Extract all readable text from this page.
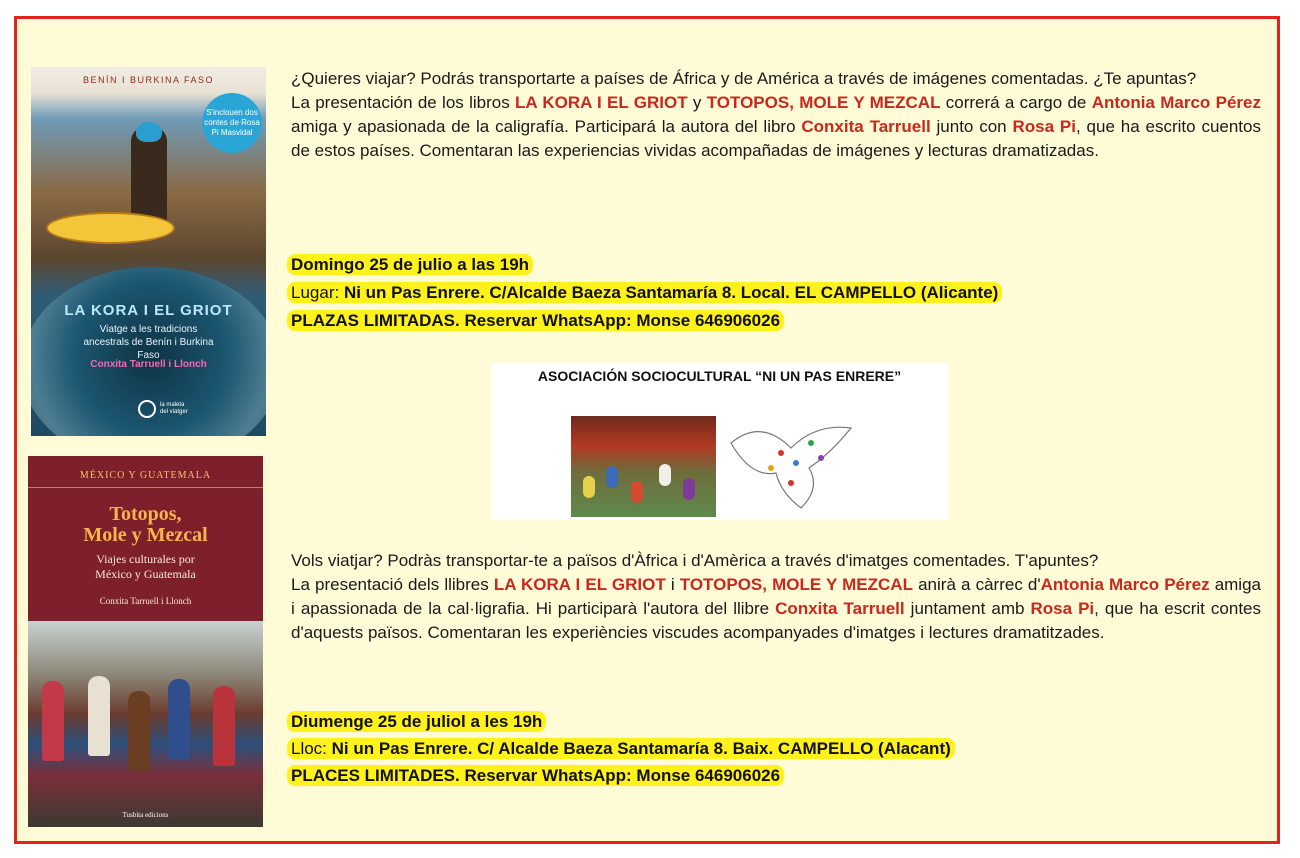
BENÍN I BURKINA FASO
S'inclouen dos contes de Rosa Pi Masvidal
LA KORA I EL GRIOT
Viatge a les tradicions ancestrals de Benín i Burkina Faso
Conxita Tarruell i Llonch
la maleta del viatger
MÉXICO Y GUATEMALA
Totopos,
Mole y Mezcal
Viajes culturales por
México y Guatemala
Conxita Tarruell i Llonch
Tusbita edicions
¿Quieres viajar? Podrás transportarte a países de África y de América a través de imágenes comentadas. ¿Te apuntas?
La presentación de los libros LA KORA I EL GRIOT y TOTOPOS, MOLE Y MEZCAL correrá a cargo de Antonia Marco Pérez amiga y apasionada de la caligrafía. Participará la autora del libro Conxita Tarruell junto con Rosa Pi, que ha escrito cuentos de estos países. Comentaran las experiencias vividas acompañadas de imágenes y lecturas dramatizadas.
Domingo 25 de julio a las 19h
Lugar: Ni un Pas Enrere. C/Alcalde Baeza Santamaría 8. Local. EL CAMPELLO (Alicante)
PLAZAS LIMITADAS. Reservar WhatsApp: Monse 646906026
ASOCIACIÓN SOCIOCULTURAL “NI UN PAS ENRERE”
Vols viatjar? Podràs transportar-te a països d'Àfrica i d'Amèrica a través d'imatges comentades. T'apuntes?
La presentació dels llibres LA KORA I EL GRIOT i TOTOPOS, MOLE Y MEZCAL anirà a càrrec d'Antonia Marco Pérez amiga i apassionada de la cal·ligrafia. Hi participarà l'autora del llibre Conxita Tarruell juntament amb Rosa Pi, que ha escrit contes d'aquests països. Comentaran les experiències viscudes acompanyades d'imatges i lectures dramatitzades.
Diumenge 25 de juliol a les 19h
Lloc: Ni un Pas Enrere. C/ Alcalde Baeza Santamaría 8. Baix. CAMPELLO (Alacant)
PLACES LIMITADES. Reservar WhatsApp: Monse 646906026
